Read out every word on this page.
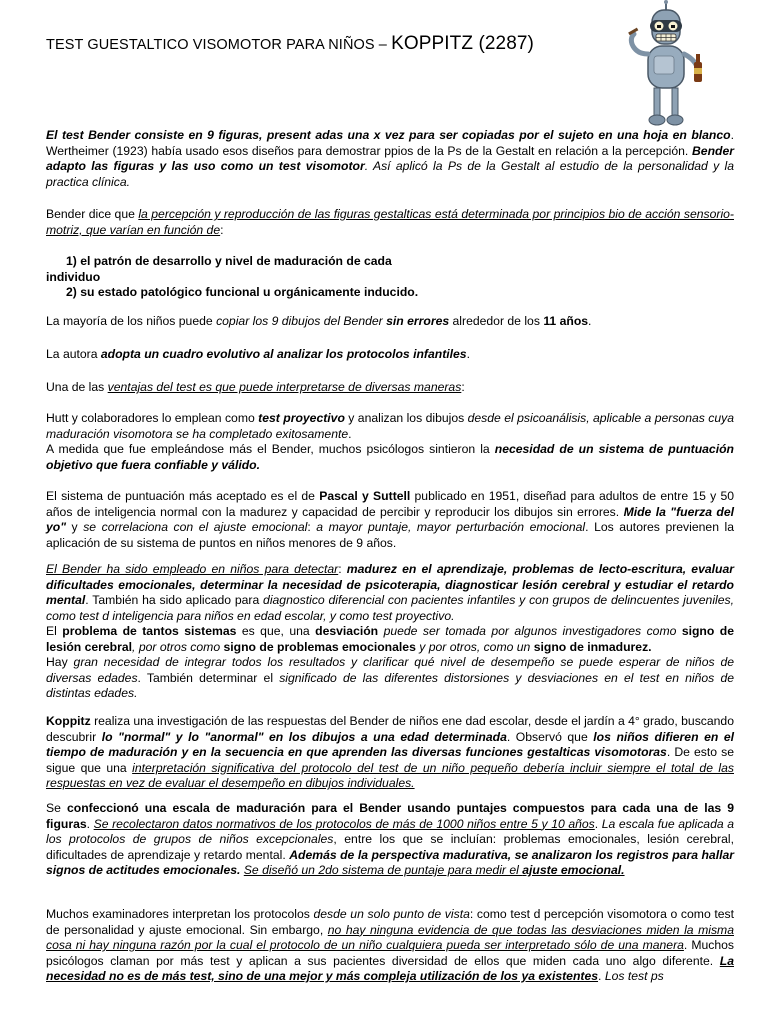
TEST GUESTALTICO VISOMOTOR PARA NIÑOS – KOPPITZ (2287)

El test Bender consiste en 9 figuras, present adas una x vez para ser copiadas por el sujeto en una hoja en blanco. Wertheimer (1923) había usado esos diseños para demostrar ppios de la Ps de la Gestalt en relación a la percepción. Bender adapto las figuras y las uso como un test visomotor. Así aplicó la Ps de la Gestalt al estudio de la personalidad y la practica clínica.

Bender dice que la percepción y reproducción de las figuras gestalticas está determinada por principios bio de acción sensorio-motriz, que varían en función de:

1) el patrón de desarrollo y nivel de maduración de cada

individuo

2) su estado patológico funcional u orgánicamente inducido.

La mayoría de los niños puede copiar los 9 dibujos del Bender sin errores alrededor de los 11 años.

La autora adopta un cuadro evolutivo al analizar los protocolos infantiles.

Una de las ventajas del test es que puede interpretarse de diversas maneras:

Hutt y colaboradores lo emplean como test proyectivo y analizan los dibujos desde el psicoanálisis, aplicable a personas cuya maduración visomotora se ha completado exitosamente.

A medida que fue empleándose más el Bender, muchos psicólogos sintieron la necesidad de un sistema de puntuación objetivo que fuera confiable y válido.

El sistema de puntuación más aceptado es el de Pascal y Suttell publicado en 1951, diseñad para adultos de entre 15 y 50 años de inteligencia normal con la madurez y capacidad de percibir y reproducir los dibujos sin errores. Mide la "fuerza del yo" y se correlaciona con el ajuste emocional: a mayor puntaje, mayor perturbación emocional. Los autores previenen la aplicación de su sistema de puntos en niños menores de 9 años.

El Bender ha sido empleado en niños para detectar: madurez en el aprendizaje, problemas de lecto-escritura, evaluar dificultades emocionales, determinar la necesidad de psicoterapia, diagnosticar lesión cerebral y estudiar el retardo mental. También ha sido aplicado para diagnostico diferencial con pacientes infantiles y con grupos de delincuentes juveniles, como test d inteligencia para niños en edad escolar, y como test proyectivo.

El problema de tantos sistemas es que, una desviación puede ser tomada por algunos investigadores como signo de lesión cerebral, por otros como signo de problemas emocionales y por otros, como un signo de inmadurez.

Hay gran necesidad de integrar todos los resultados y clarificar qué nivel de desempeño se puede esperar de niños de diversas edades. También determinar el significado de las diferentes distorsiones y desviaciones en el test en niños de distintas edades.

Koppitz realiza una investigación de las respuestas del Bender de niños ene dad escolar, desde el jardín a 4° grado, buscando descubrir lo "normal" y lo "anormal" en los dibujos a una edad determinada. Observó que los niños difieren en el tiempo de maduración y en la secuencia en que aprenden las diversas funciones gestalticas visomotoras. De esto se sigue que una interpretación significativa del protocolo del test de un niño pequeño debería incluir siempre el total de las respuestas en vez de evaluar el desempeño en dibujos individuales.

Se confeccionó una escala de maduración para el Bender usando puntajes compuestos para cada una de las 9 figuras. Se recolectaron datos normativos de los protocolos de más de 1000 niños entre 5 y 10 años. La escala fue aplicada a los protocolos de grupos de niños excepcionales, entre los que se incluían: problemas emocionales, lesión cerebral, dificultades de aprendizaje y retardo mental. Además de la perspectiva madurativa, se analizaron los registros para hallar signos de actitudes emocionales. Se diseñó un 2do sistema de puntaje para medir el ajuste emocional.

Muchos examinadores interpretan los protocolos desde un solo punto de vista: como test d percepción visomotora o como test de personalidad y ajuste emocional. Sin embargo, no hay ninguna evidencia de que todas las desviaciones miden la misma cosa ni hay ninguna razón por la cual el protocolo de un niño cualquiera pueda ser interpretado sólo de una manera. Muchos psicólogos claman por más test y aplican a sus pacientes diversidad de ellos que miden cada uno algo diferente. La necesidad no es de más test, sino de una mejor y más compleja utilización de los ya existentes. Los test ps
